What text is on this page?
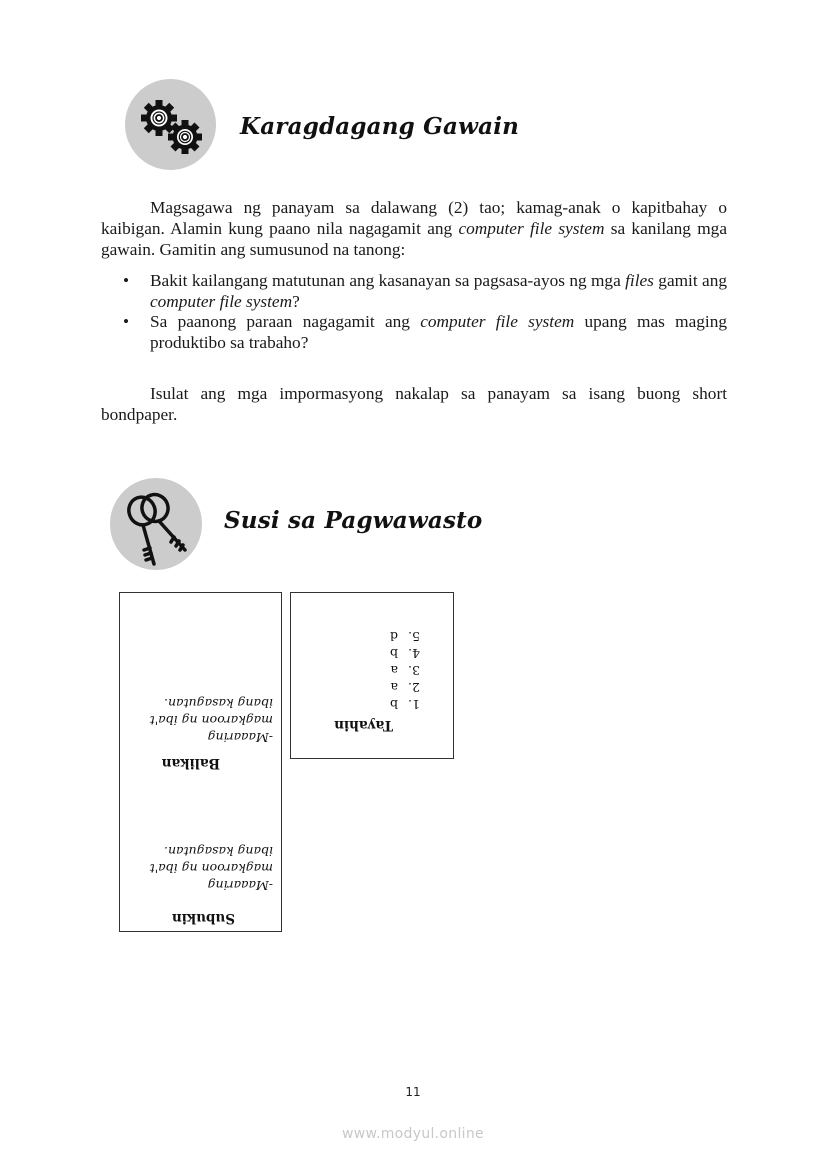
Karagdagang Gawain
Magsagawa ng panayam sa dalawang (2) tao; kamag-anak o kapitbahay o kaibigan. Alamin kung paano nila nagagamit ang computer file system sa kanilang mga gawain. Gamitin ang sumusunod na tanong:
• Bakit kailangang matutunan ang kasanayan sa pagsasa-ayos ng mga files gamit ang computer file system?
• Sa paanong paraan nagagamit ang computer file system upang mas maging produktibo sa trabaho?
Isulat ang mga impormasyong nakalap sa panayam sa isang buong short bondpaper.
Susi sa Pagwawasto
Subukin
-Maaaring
magkaroon ng iba't
ibang kasagutan.
Balikan
-Maaaring
magkaroon ng iba't
ibang kasagutan.
Tayahin
1.b
2.a
3.a
4.b
5.d
11
www.modyul.online
